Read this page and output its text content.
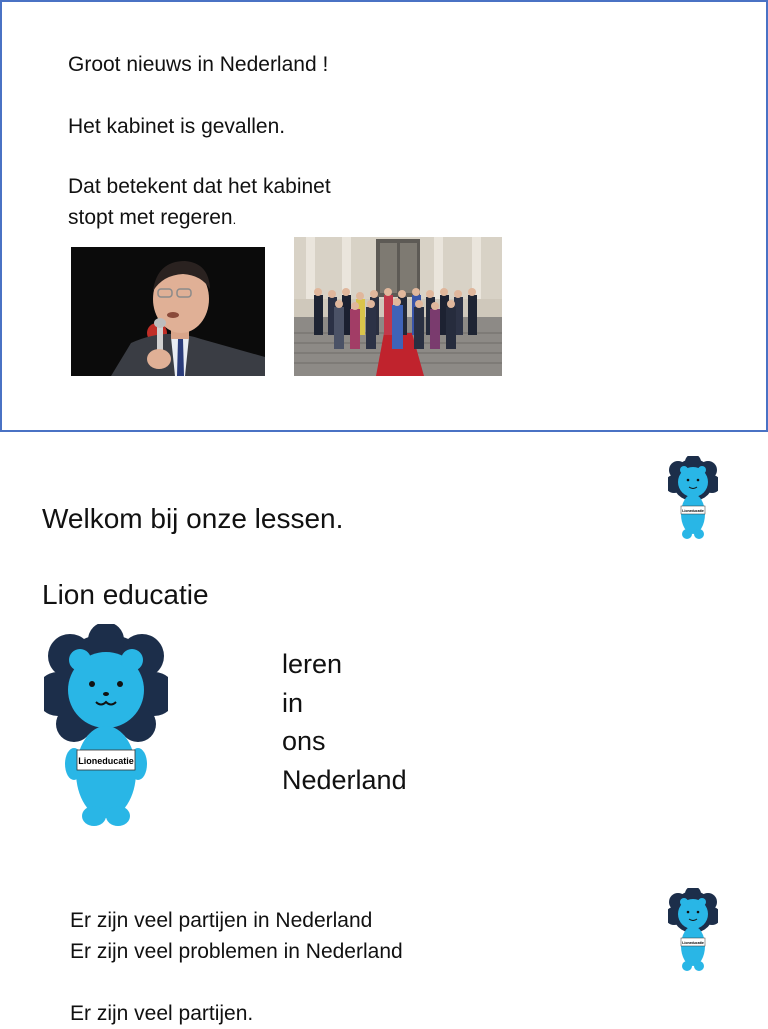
Groot nieuws in Nederland !
Het kabinet is gevallen.
Dat betekent dat het kabinet
stopt met regeren.
Welkom bij onze lessen.
Lion educatie
Lioneducatie
Lioneducatie
leren
in
ons
Nederland
Er zijn veel partijen in Nederland
Er zijn veel problemen in Nederland
Er zijn veel partijen.
Lioneducatie
